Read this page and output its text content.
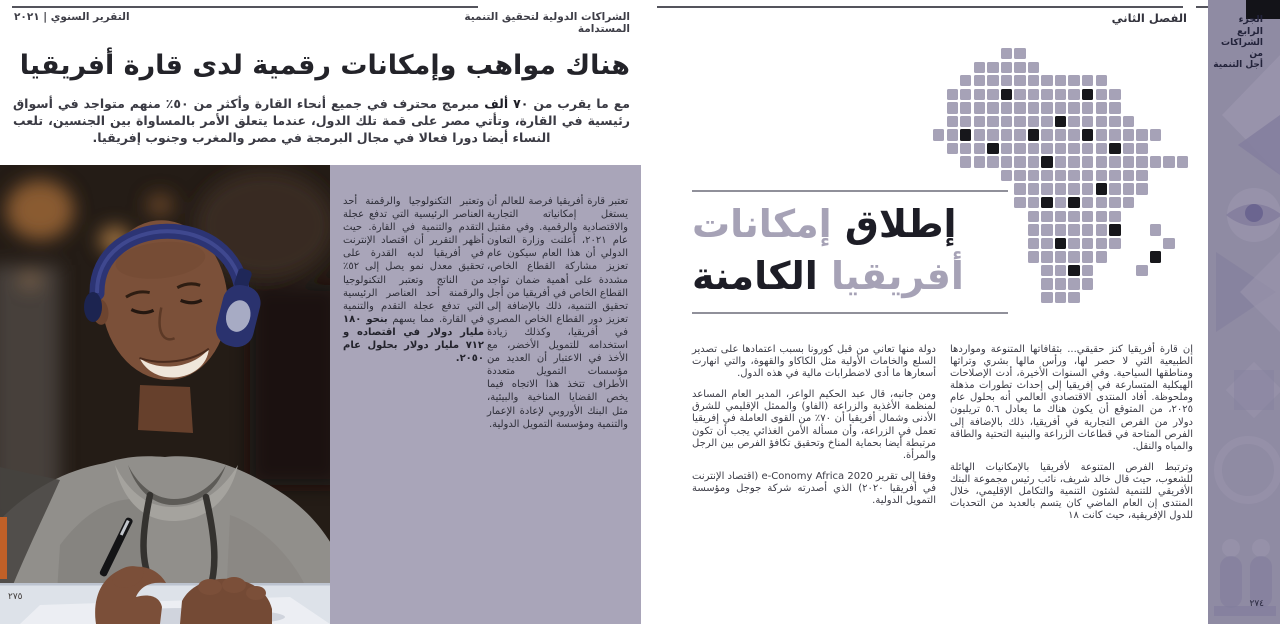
الشراكات الدولية لتحقيق التنمية المستدامة
التقرير السنوي | ٢٠٢١
هناك مواهب وإمكانات رقمية لدى قارة أفريقيا

مع ما يقرب من ٧٠ ألف مبرمج محترف في جميع أنحاء القارة وأكثر من ٥٠٪ منهم متواجد في أسواق رئيسية في القارة، وتأتي مصر على قمة تلك الدول، عندما يتعلق الأمر بالمساواة بين الجنسين، تلعب النساء أيضا دورا فعالا في مجال البرمجة في مصر والمغرب وجنوب إفريقيا.

٢٧٥
تعتبر قارة أفريقيا فرصة للعالم أن يستغل إمكانياته التجارية والاقتصادية والرقمية. وفي مقتبل عام ٢٠٢١، أعلنت وزارة التعاون الدولي أن هذا العام سيكون عام تعزيز مشاركة القطاع الخاص، مشددة على أهمية ضمان تواجد القطاع الخاص في أفريقيا من أجل تحقيق التنمية، ذلك بالإضافة إلى تعزيز دور القطاع الخاص المصري في أفريقيا، وكذلك زيادة استخدامه للتمويل الأخضر، مع الأخذ في الاعتبار أن العديد من مؤسسات التمويل متعددة الأطراف تتخذ هذا الاتجاه فيما يخص القضايا المناخية والبيئية، مثل البنك الأوروبي لإعادة الإعمار والتنمية ومؤسسة التمويل الدولية.
وتعتبر التكنولوجيا والرقمنة أحد العناصر الرئيسية التي تدفع عجلة التقدم والتنمية في القارة. حيث أظهر التقرير أن اقتصاد الإنترنت في أفريقيا لديه القدرة على تحقيق معدل نمو يصل إلى ٥٢٪ من الناتج وتعتبر التكنولوجيا والرقمنة أحد العناصر الرئيسية التي تدفع عجلة التقدم والتنمية في القارة. مما يسهم بنحو ١٨٠ مليار دولار في اقتصاده و ٧١٢ مليار دولار بحلول عام ٢٠٥٠.
الفصل الثاني
إطلاق إمكانات
أفريقيا الكامنة

إن قارة أفريقيا كنز حقيقي... بثقافاتها المتنوعة ومواردها الطبيعية التي لا حصر لها، ورأس مالها بشري وتراثها ومناطقها السياحية. وفي السنوات الأخيرة، أدت الإصلاحات الهيكلية المتسارعة في إفريقيا إلى إحداث تطورات مذهلة وملحوظة. أفاد المنتدى الاقتصادي العالمي أنه بحلول عام ٢٠٢٥، من المتوقع أن يكون هناك ما يعادل ٥.٦ تريليون دولار من الفرص التجارية في أفريقيا، ذلك بالإضافة إلى الفرص المتاحة في قطاعات الزراعة والبنية التحتية والطاقة والمياه والنقل.

وترتبط الفرص المتنوعة لأفريقيا بالإمكانيات الهائلة للشعوب، حيث قال خالد شريف، نائب رئيس مجموعة البنك الأفريقي للتنمية لشئون التنمية والتكامل الإقليمي، خلال المنتدى إن العام الماضي كان يتسم بالعديد من التحديات للدول الإفريقية، حيث كانت ١٨

دولة منها تعاني من قبل كورونا بسبب اعتمادها على تصدير السلع والخامات الأولية مثل الكاكاو والقهوة، والتي انهارت أسعارها ما أدى لاضطرابات مالية في هذه الدول.

ومن جانبه، قال عبد الحكيم الواعر، المدير العام المساعد لمنظمة الأغذية والزراعة (الفاو) والممثل الإقليمي للشرق الأدنى وشمال أفريقيا أن ٧٠٪ من القوى العاملة في إفريقيا تعمل في الزراعة، وأن مسألة الأمن الغذائي يجب أن تكون مرتبطة أيضا بحماية المناخ وتحقيق تكافؤ الفرص بين الرجل والمرأة.

وفقا إلى تقرير e-Conomy Africa 2020 (اقتصاد الإنترنت في أفريقيا ٢٠٢٠) الذي أصدرته شركة جوجل ومؤسسة التمويل الدولية.

الجزء الرابع
الشراكات من
أجل التنمية
٢٧٤
